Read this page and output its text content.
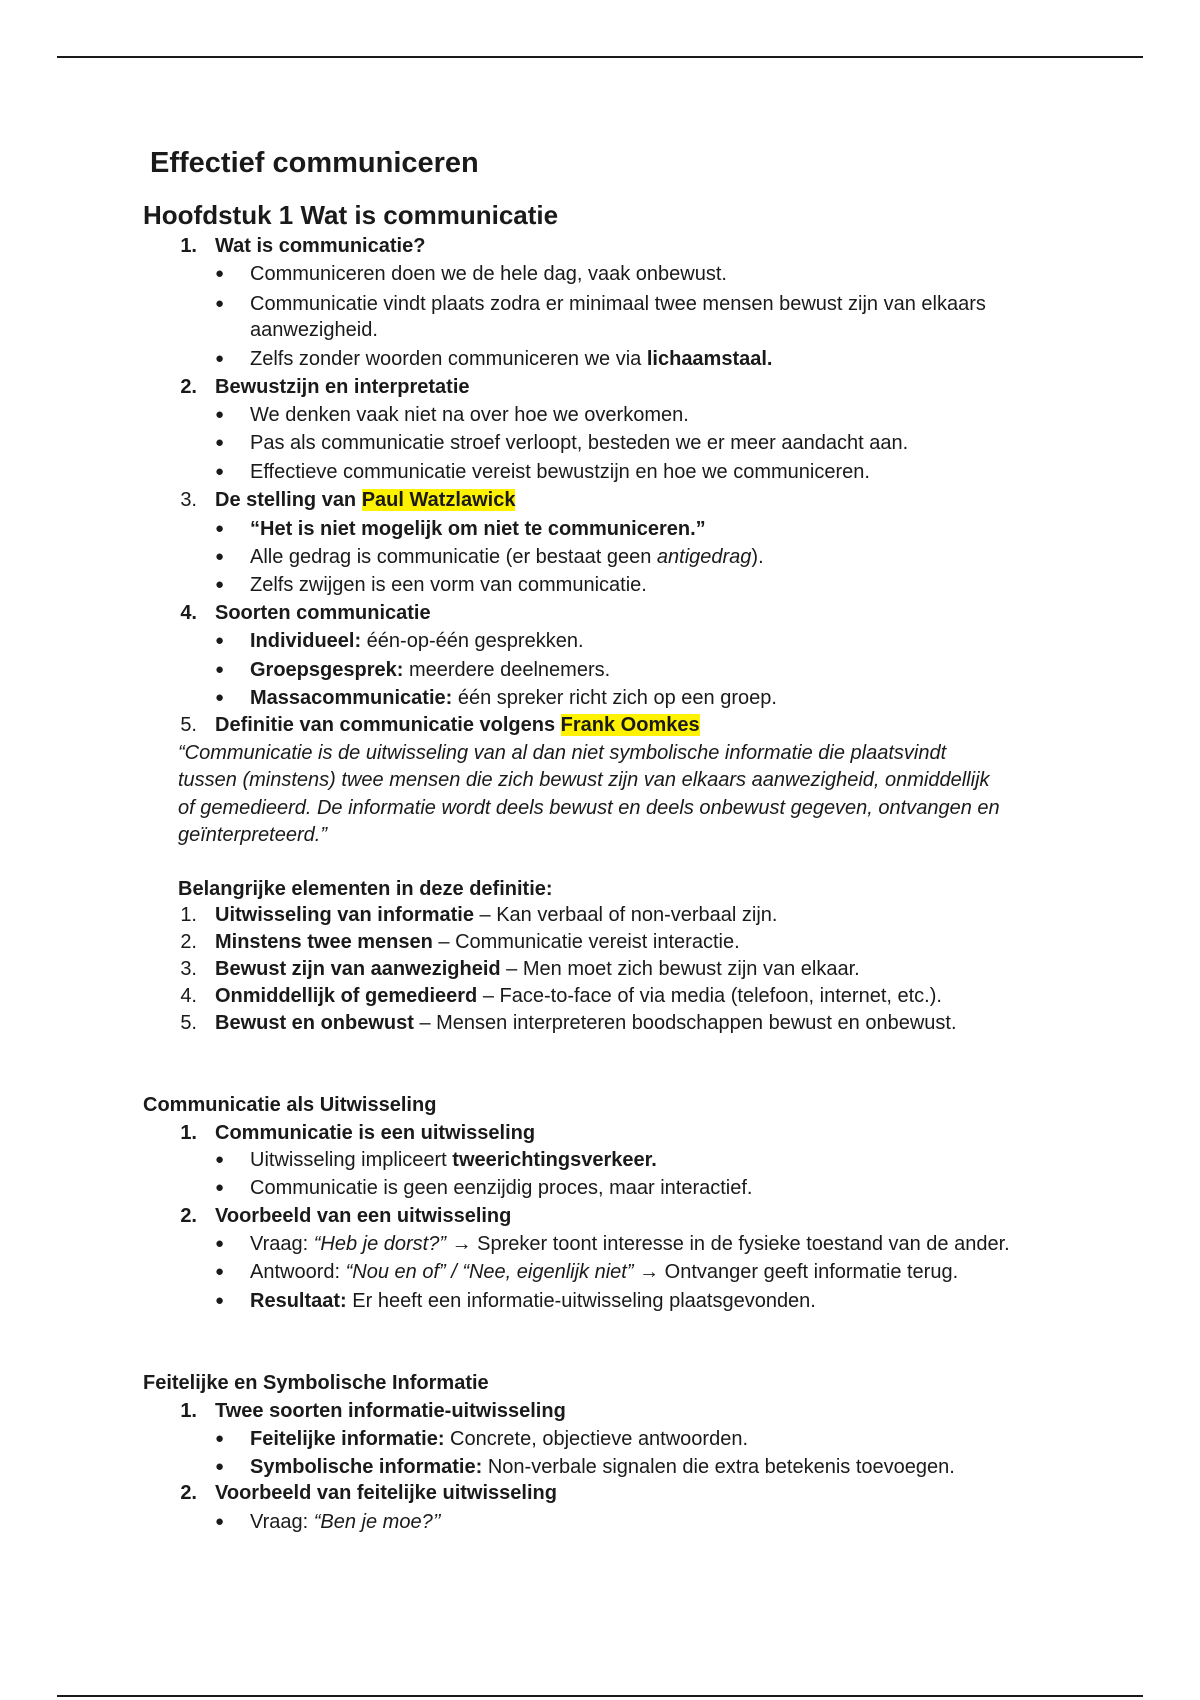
Effectief communiceren
Hoofdstuk 1 Wat is communicatie
1. Wat is communicatie?
● Communiceren doen we de hele dag, vaak onbewust.
● Communicatie vindt plaats zodra er minimaal twee mensen bewust zijn van elkaars
aanwezigheid.
● Zelfs zonder woorden communiceren we via lichaamstaal.
2. Bewustzijn en interpretatie
● We denken vaak niet na over hoe we overkomen.
● Pas als communicatie stroef verloopt, besteden we er meer aandacht aan.
● Effectieve communicatie vereist bewustzijn en hoe we communiceren.
3. De stelling van Paul Watzlawick
● “Het is niet mogelijk om niet te communiceren.”
● Alle gedrag is communicatie (er bestaat geen antigedrag).
● Zelfs zwijgen is een vorm van communicatie.
4. Soorten communicatie
● Individueel: één-op-één gesprekken.
● Groepsgesprek: meerdere deelnemers.
● Massacommunicatie: één spreker richt zich op een groep.
5. Definitie van communicatie volgens Frank Oomkes
“Communicatie is de uitwisseling van al dan niet symbolische informatie die plaatsvindt
tussen (minstens) twee mensen die zich bewust zijn van elkaars aanwezigheid, onmiddellijk
of gemedieerd. De informatie wordt deels bewust en deels onbewust gegeven, ontvangen en
geïnterpreteerd.”
Belangrijke elementen in deze definitie:
1. Uitwisseling van informatie – Kan verbaal of non-verbaal zijn.
2. Minstens twee mensen – Communicatie vereist interactie.
3. Bewust zijn van aanwezigheid – Men moet zich bewust zijn van elkaar.
4. Onmiddellijk of gemedieerd – Face-to-face of via media (telefoon, internet, etc.).
5. Bewust en onbewust – Mensen interpreteren boodschappen bewust en onbewust.
Communicatie als Uitwisseling
1. Communicatie is een uitwisseling
● Uitwisseling impliceert tweerichtingsverkeer.
● Communicatie is geen eenzijdig proces, maar interactief.
2. Voorbeeld van een uitwisseling
● Vraag: “Heb je dorst?” → Spreker toont interesse in de fysieke toestand van de ander.
● Antwoord: “Nou en of” / “Nee, eigenlijk niet” → Ontvanger geeft informatie terug.
● Resultaat: Er heeft een informatie-uitwisseling plaatsgevonden.
Feitelijke en Symbolische Informatie
1. Twee soorten informatie-uitwisseling
● Feitelijke informatie: Concrete, objectieve antwoorden.
● Symbolische informatie: Non-verbale signalen die extra betekenis toevoegen.
2. Voorbeeld van feitelijke uitwisseling
● Vraag: “Ben je moe?’’
